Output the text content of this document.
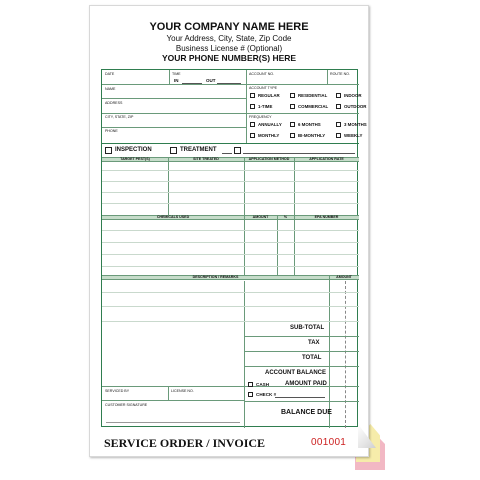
YOUR COMPANY NAME HERE
Your Address, City, State, Zip Code
Business License # (Optional)
YOUR PHONE NUMBER(S) HERE
DATE	TIME
IN	OUT
NAME
ADDRESS
CITY, STATE, ZIP
PHONE
ACCOUNT NO.	ROUTE NO.
ACCOUNT TYPE
REGULAR	RESIDENTIAL	INDOOR
1-TIME	COMMERCIAL	OUTDOOR
FREQUENCY
ANNUALLY	6 MONTHS	3 MONTHS
MONTHLY	BI-MONTHLY	WEEKLY
INSPECTION	TREATMENT
TARGET PEST(S)	SITE TREATED	APPLICATION METHOD	APPLICATION RATE
CHEMICALS USED	AMOUNT	%	EPA NUMBER
DESCRIPTION / REMARKS	AMOUNT
SUB-TOTAL
TAX
TOTAL
ACCOUNT BALANCE
SERVICED BY	LICENSE NO.
CUSTOMER SIGNATURE
CASH	AMOUNT PAID
CHECK #
BALANCE DUE
SERVICE ORDER / INVOICE	001001
